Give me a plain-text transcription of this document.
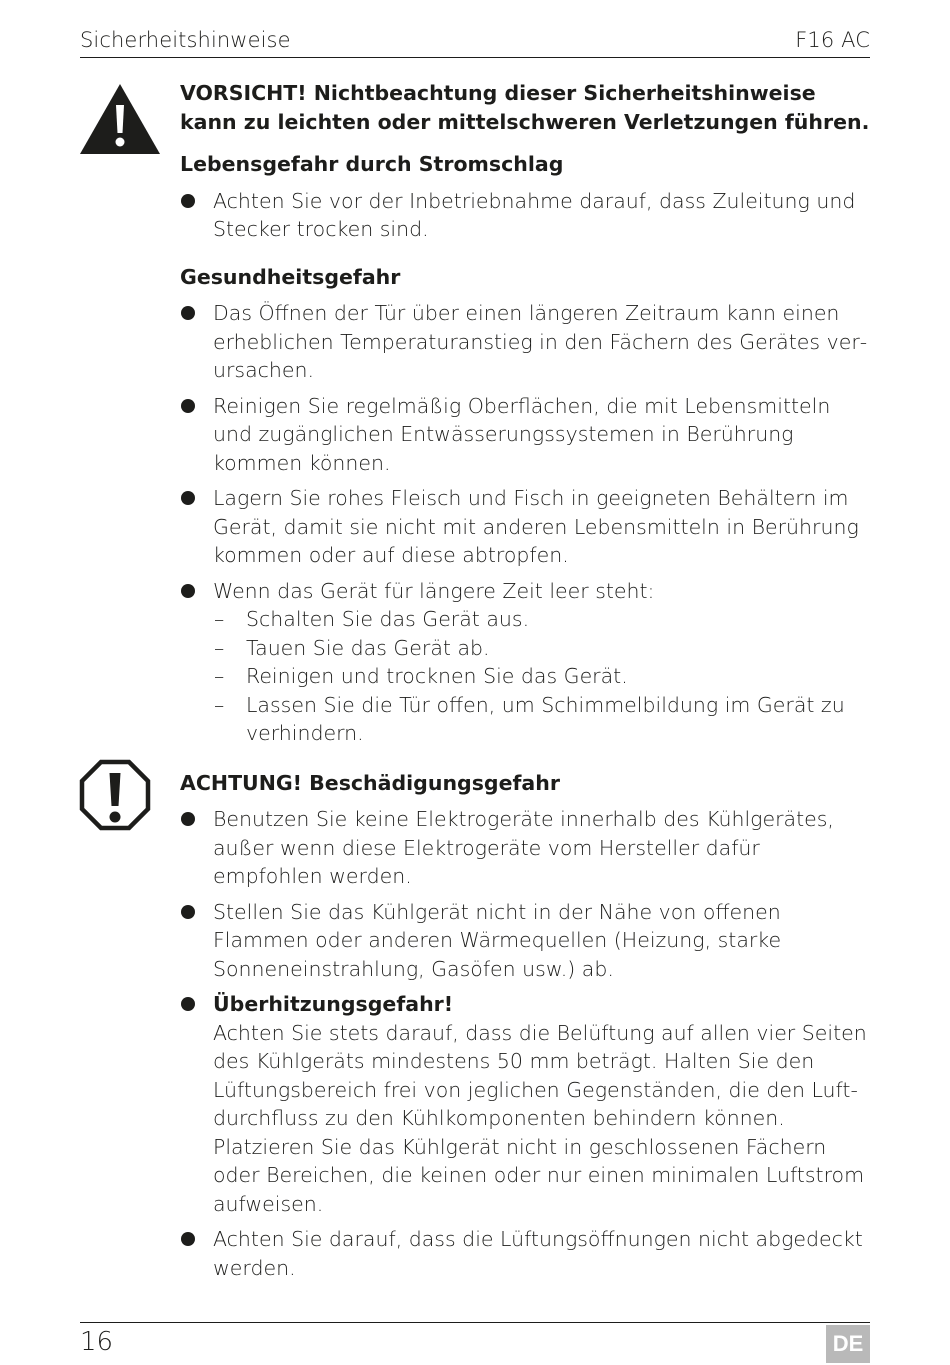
Sicherheitshinweise	F16 AC

VORSICHT! Nichtbeachtung dieser Sicherheitshinweise kann zu leichten oder mittelschweren Verletzungen führen.

Lebensgefahr durch Stromschlag

Achten Sie vor der Inbetriebnahme darauf, dass Zuleitung und Stecker trocken sind.

Gesundheitsgefahr

Das Öffnen der Tür über einen längeren Zeitraum kann einen erheblichen Temperaturanstieg in den Fächern des Gerätes verursachen.
Reinigen Sie regelmäßig Oberflächen, die mit Lebensmitteln und zugänglichen Entwässerungssystemen in Berührung kommen können.
Lagern Sie rohes Fleisch und Fisch in geeigneten Behältern im Gerät, damit sie nicht mit anderen Lebensmitteln in Berührung kommen oder auf diese abtropfen.
Wenn das Gerät für längere Zeit leer steht:
– Schalten Sie das Gerät aus.
– Tauen Sie das Gerät ab.
– Reinigen und trocknen Sie das Gerät.
– Lassen Sie die Tür offen, um Schimmelbildung im Gerät zu verhindern.

ACHTUNG! Beschädigungsgefahr

Benutzen Sie keine Elektrogeräte innerhalb des Kühlgerätes, außer wenn diese Elektrogeräte vom Hersteller dafür empfohlen werden.
Stellen Sie das Kühlgerät nicht in der Nähe von offenen Flammen oder anderen Wärmequellen (Heizung, starke Sonneneinstrahlung, Gasöfen usw.) ab.
Überhitzungsgefahr!
Achten Sie stets darauf, dass die Belüftung auf allen vier Seiten des Kühlgeräts mindestens 50 mm beträgt. Halten Sie den Lüftungsbereich frei von jeglichen Gegenständen, die den Luftdurchfluss zu den Kühlkomponenten behindern können. Platzieren Sie das Kühlgerät nicht in geschlossenen Fächern oder Bereichen, die keinen oder nur einen minimalen Luftstrom aufweisen.
Achten Sie darauf, dass die Lüftungsöffnungen nicht abgedeckt werden.
16	DE
